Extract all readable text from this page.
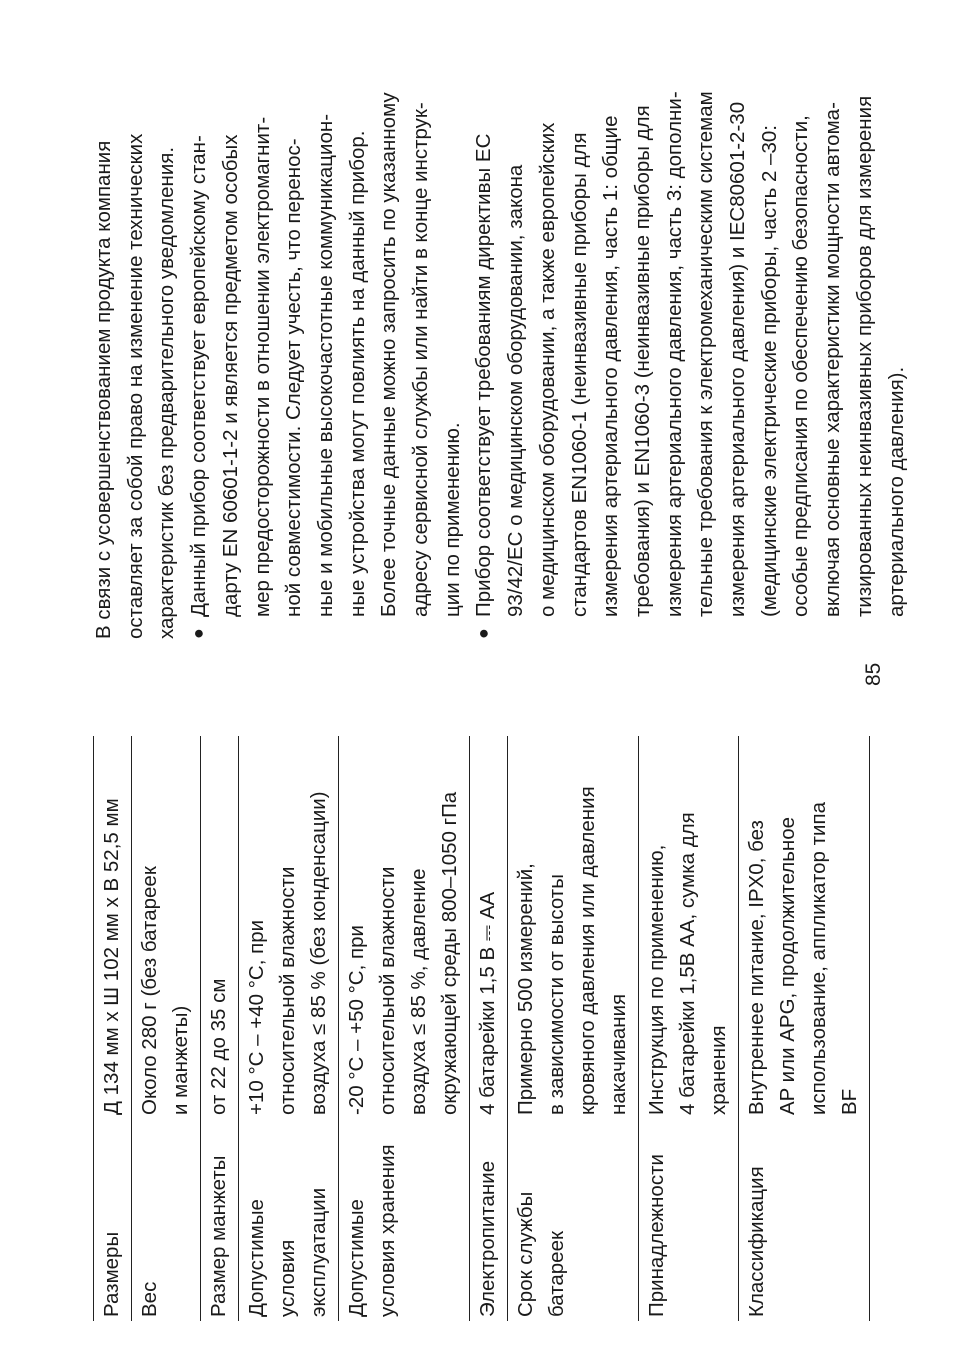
Размеры
Д 134 мм x Ш 102 мм x В 52,5 мм
Вес
Около 280 г (без батареек
и манжеты)
Размер манжеты
от 22 до 35 см
Допустимые
условия
эксплуатации
+10 °C – +40 °C, при
относительной влажности
воздуха ≤ 85 % (без конденсации)
Допустимые
условия хранения
-20 °C – +50 °C, при
относительной влажности
воздуха ≤ 85 %, давление
окружающей среды 800–1050 гПа
Электропитание
4 батарейки 1,5 В ⎓ AA
Срок службы
батареек
Примерно 500 измерений,
в зависимости от высоты
кровяного давления или давления
накачивания
Принадлежности
Инструкция по применению,
4 батарейки 1,5В AA, сумка для
хранения
Классификация
Внутреннее питание, IPX0, без
AP или APG, продолжительное
использование, аппликатор типа
BF

В связи с усовершенствованием продукта компания
оставляет за собой право на изменение технических
характеристик без предварительного уведомления.

●
Данный прибор соответствует европейскому стан-
дарту EN 60601-1-2 и является предметом особых
мер предосторожности в отношении электромагнит-
ной совместимости. Следует учесть, что перенос-
ные и мобильные высокочастотные коммуникацион-
ные устройства могут повлиять на данный прибор.
Более точные данные можно запросить по указанному
адресу сервисной службы или найти в конце инструк-
ции по применению.
●
Прибор соответствует требованиям директивы ЕС
93/42/EC о медицинском оборудовании, закона
о медицинском оборудовании, а также европейских
стандартов EN1060-1 (неинвазивные приборы для
измерения артериального давления, часть 1: общие
требования) и EN1060-3 (неинвазивные приборы для
измерения артериального давления, часть 3: дополни-
тельные требования к электромеханическим системам
измерения артериального давления) и IEC80601-2-30
(медицинские электрические приборы, часть 2 –30:
особые предписания по обеспечению безопасности,
включая основные характеристики мощности автома-
тизированных неинвазивных приборов для измерения
артериального давления).
85
